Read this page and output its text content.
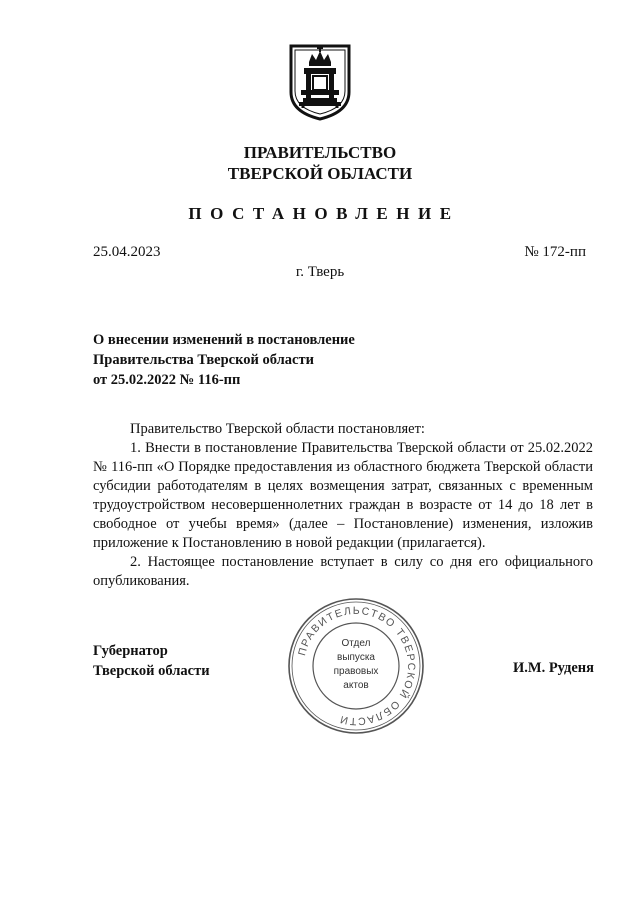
ПРАВИТЕЛЬСТВО
ТВЕРСКОЙ ОБЛАСТИ
ПОСТАНОВЛЕНИЕ
25.04.2023	№ 172-пп
г. Тверь
О внесении изменений в постановление
Правительства Тверской области
от 25.02.2022 № 116-пп

Правительство Тверской области постановляет:

1. Внести в постановление Правительства Тверской области от 25.02.2022 № 116-пп «О Порядке предоставления из областного бюджета Тверской области субсидии работодателям в целях возмещения затрат, связанных с временным трудоустройством несовершеннолетних граждан в возрасте от 14 до 18 лет в свободное от учебы время» (далее – Постановление) изменения, изложив приложение к Постановлению в новой редакции (прилагается).

2. Настоящее постановление вступает в силу со дня его официального опубликования.

Губернатор
Тверской области	И.М. Руденя
ПРАВИТЕЛЬСТВО ТВЕРСКОЙ ОБЛАСТИ
Отдел
выпуска
правовых
актов
